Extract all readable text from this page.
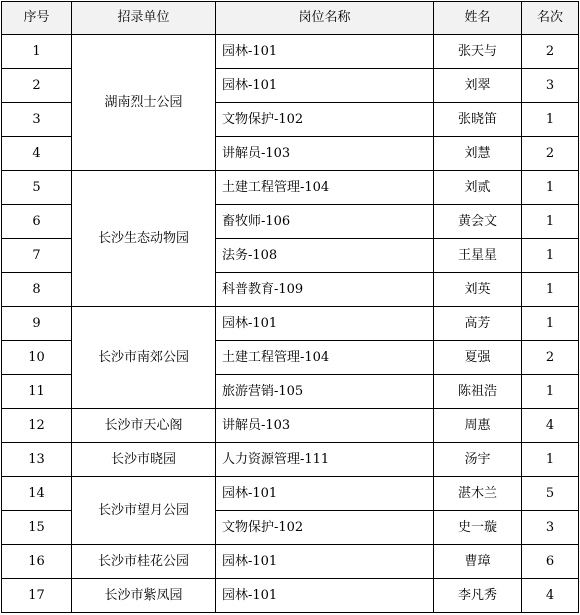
序号	招录单位	岗位名称	姓名	名次
1	湖南烈士公园	园林-101	张天与	2
2		园林-101	刘翠	3
3		文物保护-102	张晓笛	1
4		讲解员-103	刘慧	2
5	长沙生态动物园	土建工程管理-104	刘贰	1
6		畜牧师-106	黄会文	1
7		法务-108	王星星	1
8		科普教育-109	刘英	1
9	长沙市南郊公园	园林-101	高芳	1
10		土建工程管理-104	夏强	2
11		旅游营销-105	陈祖浩	1
12	长沙市天心阁	讲解员-103	周惠	4
13	长沙市晓园	人力资源管理-111	汤宇	1
14	长沙市望月公园	园林-101	湛木兰	5
15		文物保护-102	史一璇	3
16	长沙市桂花公园	园林-101	曹璋	6
17	长沙市紫凤园	园林-101	李凡秀	4
